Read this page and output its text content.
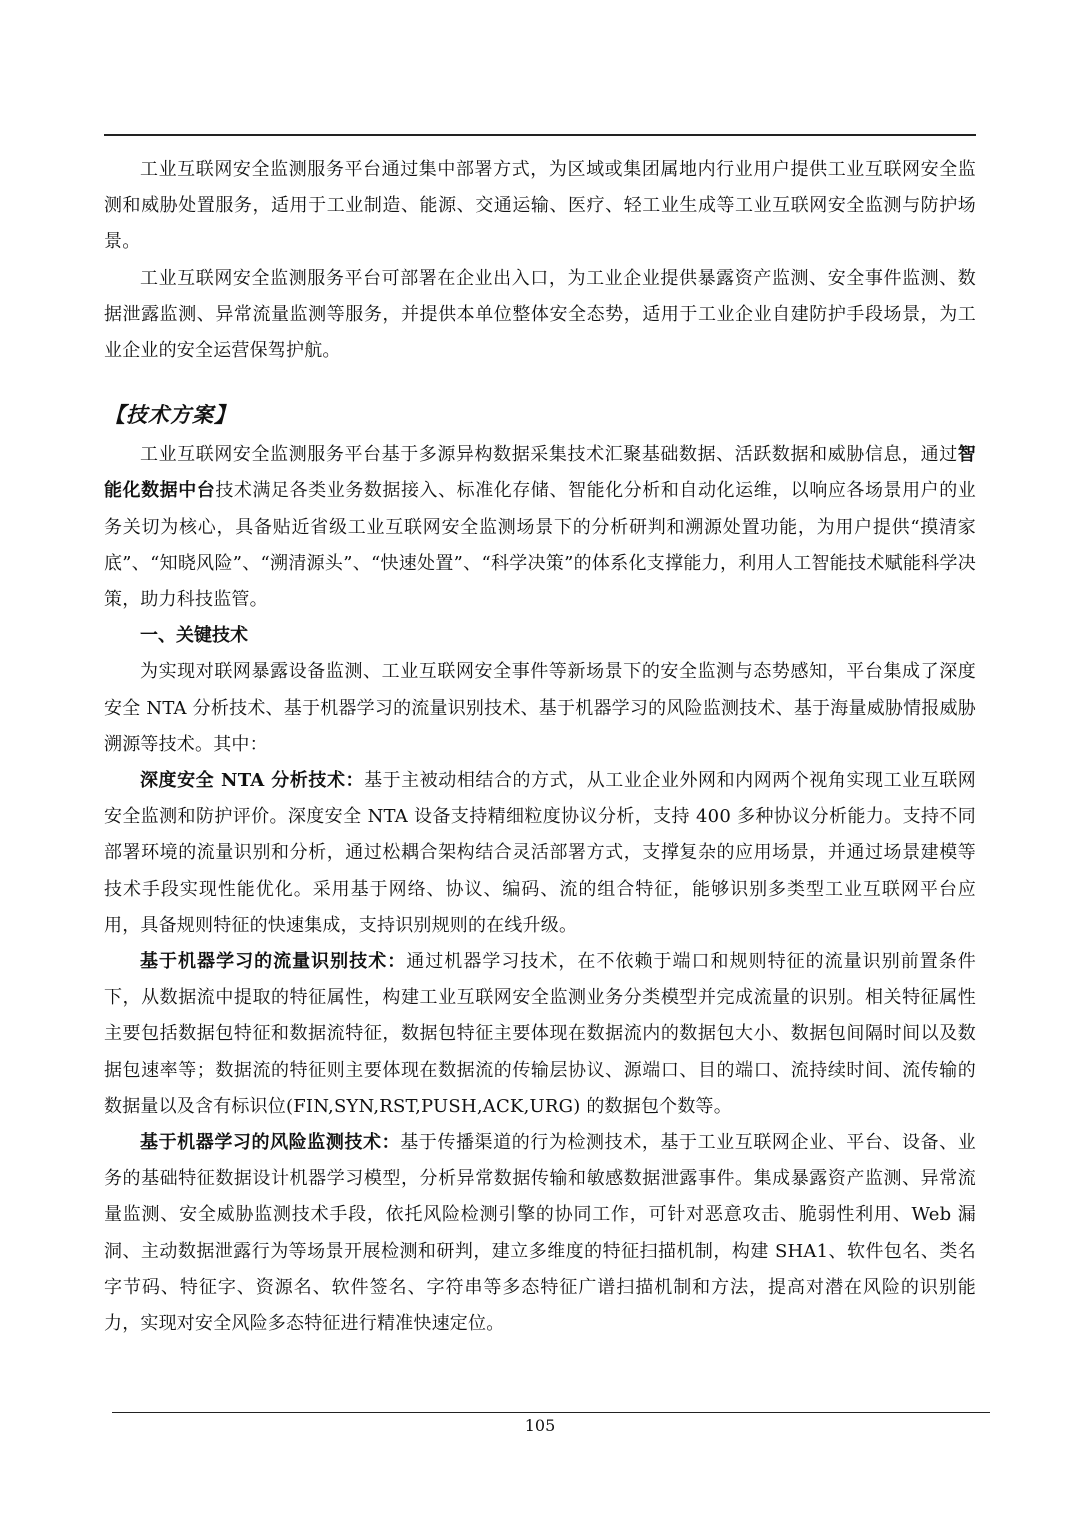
工业互联网安全监测服务平台通过集中部署方式，为区域或集团属地内行业用户提供工业互联网安全监测和威胁处置服务，适用于工业制造、能源、交通运输、医疗、轻工业生成等工业互联网安全监测与防护场景。

工业互联网安全监测服务平台可部署在企业出入口，为工业企业提供暴露资产监测、安全事件监测、数据泄露监测、异常流量监测等服务，并提供本单位整体安全态势，适用于工业企业自建防护手段场景，为工业企业的安全运营保驾护航。

【技术方案】

工业互联网安全监测服务平台基于多源异构数据采集技术汇聚基础数据、活跃数据和威胁信息，通过智能化数据中台技术满足各类业务数据接入、标准化存储、智能化分析和自动化运维，以响应各场景用户的业务关切为核心，具备贴近省级工业互联网安全监测场景下的分析研判和溯源处置功能，为用户提供“摸清家底”、“知晓风险”、“溯清源头”、“快速处置”、“科学决策”的体系化支撑能力，利用人工智能技术赋能科学决策，助力科技监管。

一、关键技术

为实现对联网暴露设备监测、工业互联网安全事件等新场景下的安全监测与态势感知，平台集成了深度安全 NTA 分析技术、基于机器学习的流量识别技术、基于机器学习的风险监测技术、基于海量威胁情报威胁溯源等技术。其中：

深度安全 NTA 分析技术：基于主被动相结合的方式，从工业企业外网和内网两个视角实现工业互联网安全监测和防护评价。深度安全 NTA 设备支持精细粒度协议分析，支持 400 多种协议分析能力。支持不同部署环境的流量识别和分析，通过松耦合架构结合灵活部署方式，支撑复杂的应用场景，并通过场景建模等技术手段实现性能优化。采用基于网络、协议、编码、流的组合特征，能够识别多类型工业互联网平台应用，具备规则特征的快速集成，支持识别规则的在线升级。

基于机器学习的流量识别技术：通过机器学习技术，在不依赖于端口和规则特征的流量识别前置条件下，从数据流中提取的特征属性，构建工业互联网安全监测业务分类模型并完成流量的识别。相关特征属性主要包括数据包特征和数据流特征，数据包特征主要体现在数据流内的数据包大小、数据包间隔时间以及数据包速率等；数据流的特征则主要体现在数据流的传输层协议、源端口、目的端口、流持续时间、流传输的数据量以及含有标识位(FIN,SYN,RST,PUSH,ACK,URG) 的数据包个数等。

基于机器学习的风险监测技术：基于传播渠道的行为检测技术，基于工业互联网企业、平台、设备、业务的基础特征数据设计机器学习模型，分析异常数据传输和敏感数据泄露事件。集成暴露资产监测、异常流量监测、安全威胁监测技术手段，依托风险检测引擎的协同工作，可针对恶意攻击、脆弱性利用、Web 漏洞、主动数据泄露行为等场景开展检测和研判，建立多维度的特征扫描机制，构建 SHA1、软件包名、类名字节码、特征字、资源名、软件签名、字符串等多态特征广谱扫描机制和方法，提高对潜在风险的识别能力，实现对安全风险多态特征进行精准快速定位。

105
